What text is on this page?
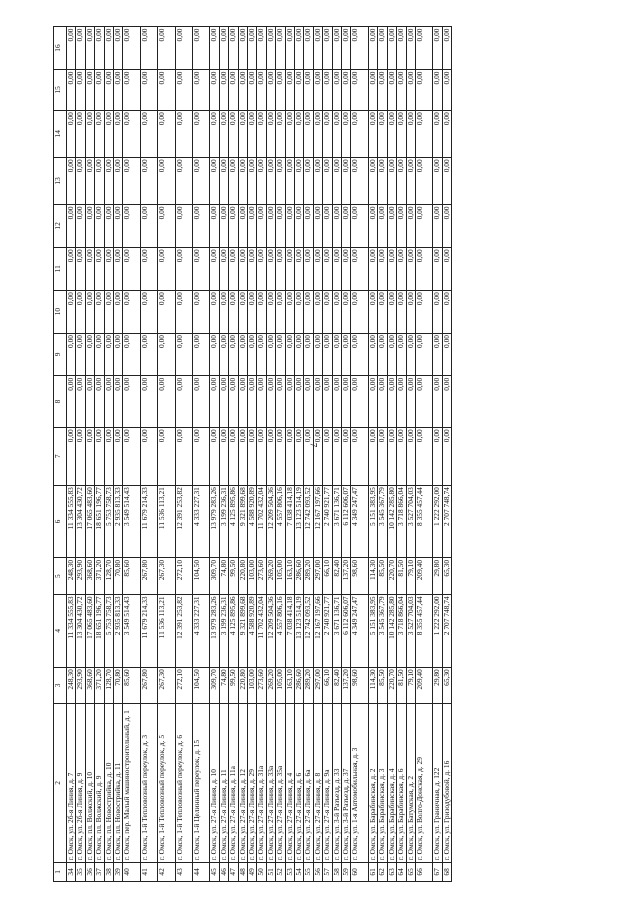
7
1	2	3	4	5	6	7	8	9	10	11	12	13	14	15	16
34	г. Омск, ул. 2б-я Линия, д. 7	248,30	11 334 555,83	248,30	11 334 555,83	0,00	0,00	0,00	0,00	0,00	0,00	0,00	0,00	0,00	0,00
35	г. Омск, ул. 2б-я Линия, д. 9	293,90	13 304 430,72	293,90	13 304 430,72	0,00	0,00	0,00	0,00	0,00	0,00	0,00	0,00	0,00	0,00
36	г. Омск, пл. Волжский, д. 10	368,60	17 065 483,60	368,60	17 065 483,60	0,00	0,00	0,00	0,00	0,00	0,00	0,00	0,00	0,00	0,00
37	г. Омск, пл. Волжский, д. 9	371,20	18 651 196,77	371,20	18 651 196,77	0,00	0,00	0,00	0,00	0,00	0,00	0,00	0,00	0,00	0,00
38	г. Омск, пл. Новострийка, д. 10	128,70	5 753 758,73	128,70	5 753 758,73	0,00	0,00	0,00	0,00	0,00	0,00	0,00	0,00	0,00	0,00
39	г. Омск, пл. Новострийка, д. 11	70,80	2 935 813,33	70,80	2 935 813,33	0,00	0,00	0,00	0,00	0,00	0,00	0,00	0,00	0,00	0,00
40	г. Омск, пер. Малый машиностроительный, д. 1	85,60	3 549 514,43	85,60	3 549 514,43	0,00	0,00	0,00	0,00	0,00	0,00	0,00	0,00	0,00	0,00
41	г. Омск, 1-й Тепловозный переулок, д. 3	267,80	11 679 214,33	267,80	11 679 214,33	0,00	0,00	0,00	0,00	0,00	0,00	0,00	0,00	0,00	0,00
42	г. Омск, 1-й Тепловозный переулок, д. 5	267,30	11 536 113,21	267,30	11 536 113,21	0,00	0,00	0,00	0,00	0,00	0,00	0,00	0,00	0,00	0,00
43	г. Омск, 1-й Тепловозный переулок, д. 6	272,10	12 391 253,82	272,10	12 391 253,82	0,00	0,00	0,00	0,00	0,00	0,00	0,00	0,00	0,00	0,00
44	г. Омск, 1-й Целинный переулок, д. 15	104,50	4 333 227,31	104,50	4 333 227,31	0,00	0,00	0,00	0,00	0,00	0,00	0,00	0,00	0,00	0,00
45	г. Омск, ул. 27-я Линия, д. 10	309,70	13 979 283,26	309,70	13 979 283,26	0,00	0,00	0,00	0,00	0,00	0,00	0,00	0,00	0,00	0,00
46	г. Омск, ул. 27-я Линия, д. 11	74,80	3 199 236,31	74,80	3 199 236,31	0,00	0,00	0,00	0,00	0,00	0,00	0,00	0,00	0,00	0,00
47	г. Омск, ул. 27-я Линия, д. 11а	99,50	4 125 895,86	99,50	4 125 895,86	0,00	0,00	0,00	0,00	0,00	0,00	0,00	0,00	0,00	0,00
48	г. Омск, ул. 27-я Линия, д. 12	220,80	9 321 899,68	220,80	9 321 899,68	0,00	0,00	0,00	0,00	0,00	0,00	0,00	0,00	0,00	0,00
49	г. Омск, ул. 27-я Линия, д. 29	103,00	4 588 920,89	103,00	4 588 920,89	0,00	0,00	0,00	0,00	0,00	0,00	0,00	0,00	0,00	0,00
50	г. Омск, ул. 27-я Линия, д. 31а	273,60	11 702 432,04	273,60	11 702 432,04	0,00	0,00	0,00	0,00	0,00	0,00	0,00	0,00	0,00	0,00
51	г. Омск, ул. 27-я Линия, д. 33а	269,20	12 209 504,36	269,20	12 209 504,36	0,00	0,00	0,00	0,00	0,00	0,00	0,00	0,00	0,00	0,00
52	г. Омск, ул. 27-я Линия, д. 35а	105,00	4 557 806,16	105,00	4 557 806,16	0,00	0,00	0,00	0,00	0,00	0,00	0,00	0,00	0,00	0,00
53	г. Омск, ул. 27-я Линия, д. 4	163,10	7 038 414,18	163,10	7 038 414,18	0,00	0,00	0,00	0,00	0,00	0,00	0,00	0,00	0,00	0,00
54	г. Омск, ул. 27-я Линия, д. 6	286,60	13 123 514,19	286,60	13 123 514,19	0,00	0,00	0,00	0,00	0,00	0,00	0,00	0,00	0,00	0,00
55	г. Омск, ул. 27-я Линия, д. 6а	289,20	12 742 093,52	289,20	12 742 093,52	0,00	0,00	0,00	0,00	0,00	0,00	0,00	0,00	0,00	0,00
56	г. Омск, ул. 27-я Линия, д. 8	297,00	12 167 197,66	297,00	12 167 197,66	0,00	0,00	0,00	0,00	0,00	0,00	0,00	0,00	0,00	0,00
57	г. Омск, ул. 27-я Линия, д. 9а	66,10	2 740 921,77	66,10	2 740 921,77	0,00	0,00	0,00	0,00	0,00	0,00	0,00	0,00	0,00	0,00
58	г. Омск, ул. 3-й Разъезд, д. 33	82,40	3 671 136,71	82,40	3 671 136,71	0,00	0,00	0,00	0,00	0,00	0,00	0,00	0,00	0,00	0,00
59	г. Омск, ул. 3-й Разъезд, д. 37	137,20	6 112 606,07	137,20	6 112 606,07	0,00	0,00	0,00	0,00	0,00	0,00	0,00	0,00	0,00	0,00
60	г. Омск, ул. 1-я Автомобильная, д. 3	98,60	4 349 247,47	98,60	4 349 247,47	0,00	0,00	0,00	0,00	0,00	0,00	0,00	0,00	0,00	0,00
61	г. Омск, ул. Барабинская, д. 2	114,30	5 151 383,95	114,30	5 151 383,95	0,00	0,00	0,00	0,00	0,00	0,00	0,00	0,00	0,00	0,00
62	г. Омск, ул. Барабинская, д. 3	85,50	3 545 367,79	85,50	3 545 367,79	0,00	0,00	0,00	0,00	0,00	0,00	0,00	0,00	0,00	0,00
63	г. Омск, ул. Барабинская, д. 4	220,70	10 142 285,80	220,70	10 142 285,80	0,00	0,00	0,00	0,00	0,00	0,00	0,00	0,00	0,00	0,00
64	г. Омск, ул. Барабинская, д. 6	81,50	3 718 866,04	81,50	3 718 866,04	0,00	0,00	0,00	0,00	0,00	0,00	0,00	0,00	0,00	0,00
65	г. Омск, ул. Батумская, д. 2	79,10	3 527 704,03	79,10	3 527 704,03	0,00	0,00	0,00	0,00	0,00	0,00	0,00	0,00	0,00	0,00
66	г. Омск, ул. Волго-Донская, д. 29	209,40	8 355 457,44	209,40	8 355 457,44	0,00	0,00	0,00	0,00	0,00	0,00	0,00	0,00	0,00	0,00
67	г. Омск, ул. Граничная, д. 122	29,80	1 222 292,00	29,80	1 222 292,00	0,00	0,00	0,00	0,00	0,00	0,00	0,00	0,00	0,00	0,00
68	г. Омск, ул. Гризодубовой, д. 16	65,30	2 707 748,74	65,30	2 707 748,74	0,00	0,00	0,00	0,00	0,00	0,00	0,00	0,00	0,00	0,00
